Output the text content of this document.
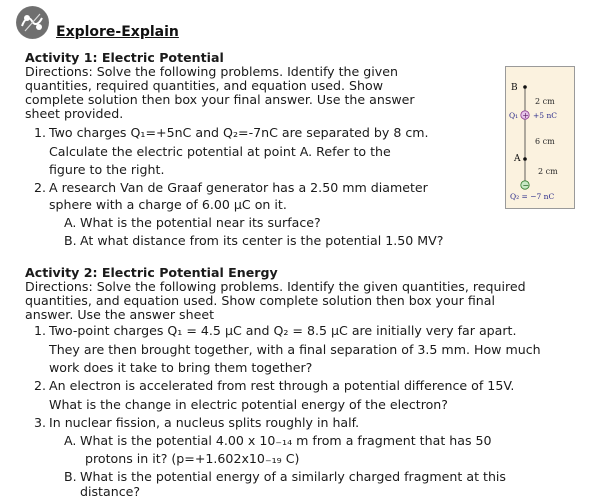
Explore-Explain
Activity 1: Electric Potential
Directions: Solve the following problems. Identify the given
quantities, required quantities, and equation used. Show
complete solution then box your final answer. Use the answer
sheet provided.
1. Two charges Q₁=+5nC and Q₂=-7nC are separated by 8 cm.
Calculate the electric potential at point A. Refer to the
figure to the right.
2. A research Van de Graaf generator has a 2.50 mm diameter
sphere with a charge of 6.00 µC on it.
A. What is the potential near its surface?
B. At what distance from its center is the potential 1.50 MV?
B
2 cm
Q₁ + +5 nC
6 cm
A
2 cm
−
Q₂ = −7 nC
Activity 2: Electric Potential Energy
Directions: Solve the following problems. Identify the given quantities, required
quantities, and equation used. Show complete solution then box your final
answer. Use the answer sheet
1. Two-point charges Q₁ = 4.5 µC and Q₂ = 8.5 µC are initially very far apart.
They are then brought together, with a final separation of 3.5 mm. How much
work does it take to bring them together?
2. An electron is accelerated from rest through a potential difference of 15V.
What is the change in electric potential energy of the electron?
3. In nuclear fission, a nucleus splits roughly in half.
A. What is the potential 4.00 x 10₋₁₄ m from a fragment that has 50
protons in it? (p=+1.602x10₋₁₉ C)
B. What is the potential energy of a similarly charged fragment at this
distance?
